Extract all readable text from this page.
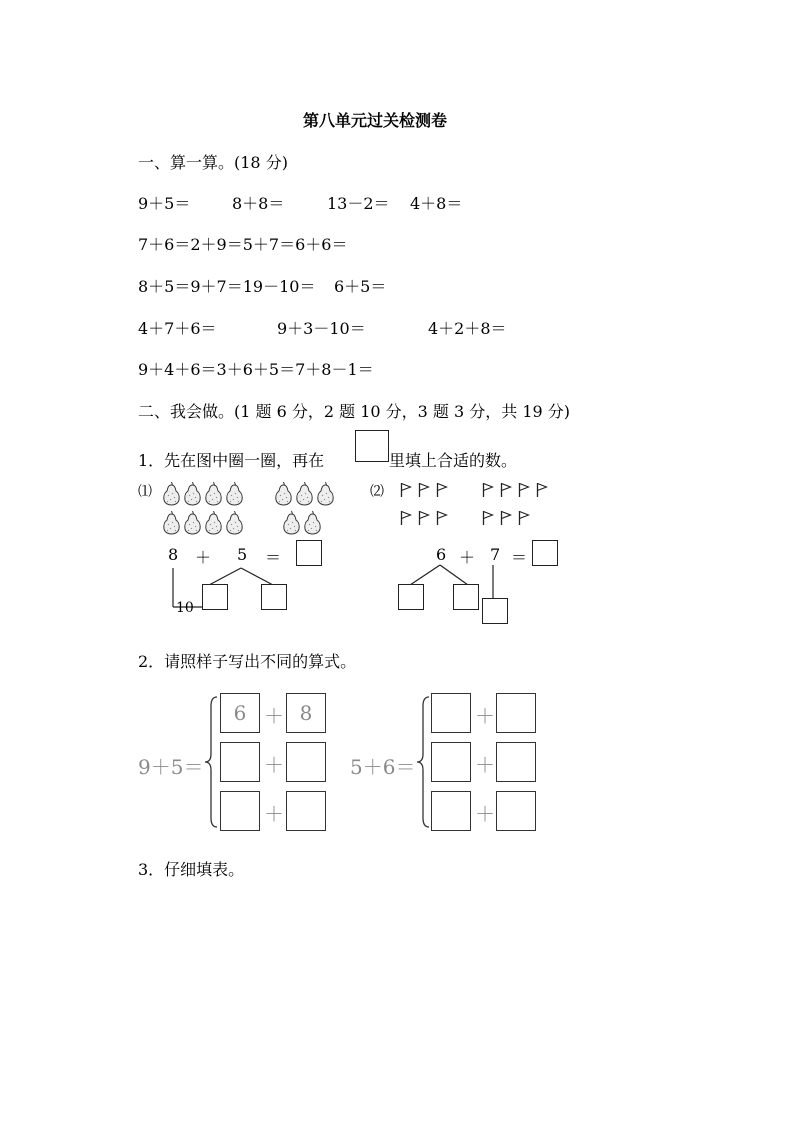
第八单元过关检测卷
一、算一算。(18 分)
9＋5＝	8＋8＝	13－2＝ 4＋8＝
7＋6＝2＋9＝5＋7＝6＋6＝
8＋5＝9＋7＝19－10＝ 6＋5＝
4＋7＋6＝	9＋3－10＝	4＋2＋8＝
9＋4＋6＝3＋6＋5＝7＋8－1＝
二、我会做。(1 题 6 分，2 题 10 分，3 题 3 分，共 19 分)
1．先在图中圈一圈，再在	里填上合适的数。
⑴
8 ＋ 5 ＝
10
⑵
6 ＋ 7 ＝
2．请照样子写出不同的算式。
9＋5＝
6 ＋ 8
＋
＋
5＋6＝
＋
＋
＋
3．仔细填表。
